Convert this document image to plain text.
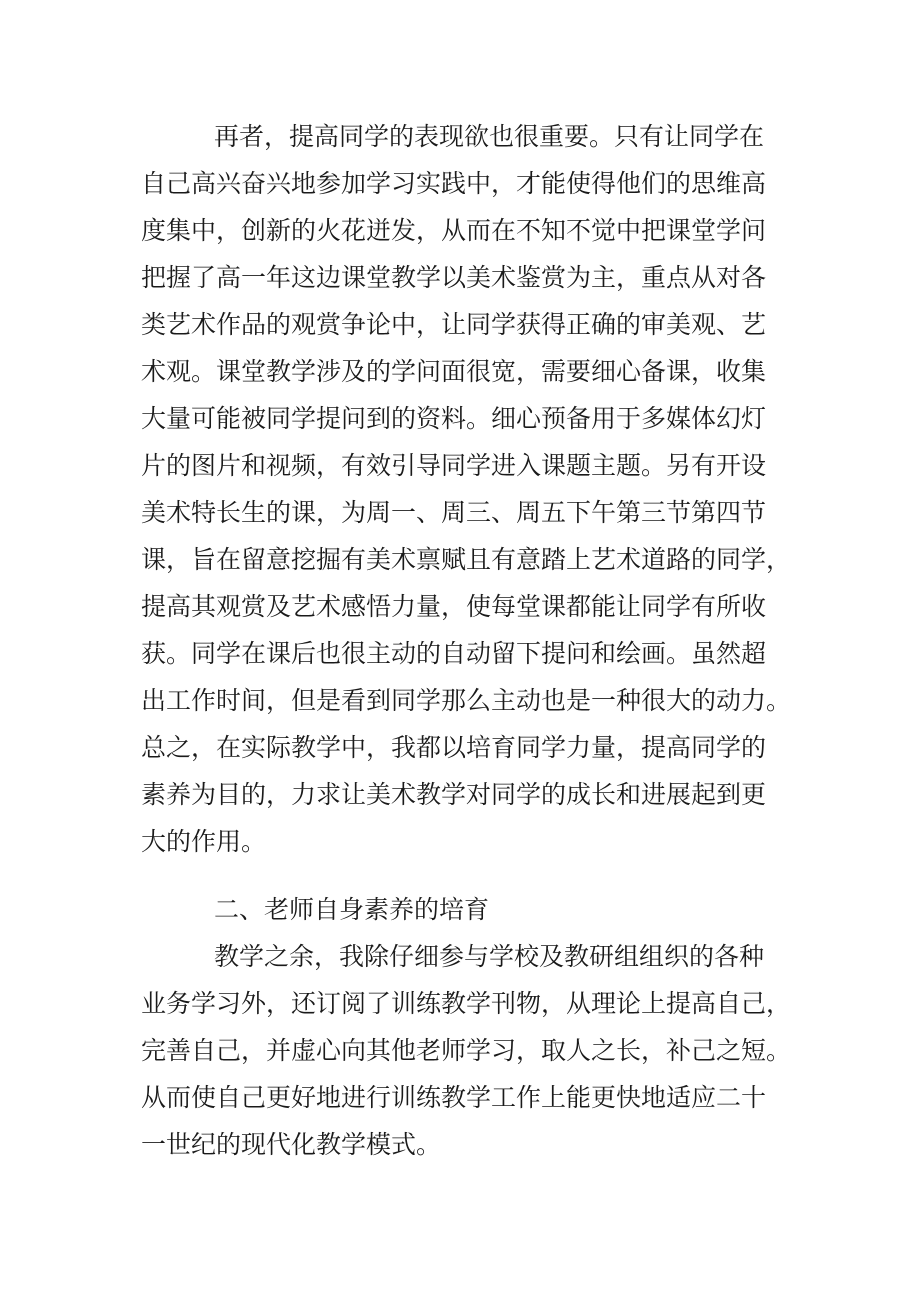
再者，提高同学的表现欲也很重要。只有让同学在
自己高兴奋兴地参加学习实践中，才能使得他们的思维高
度集中，创新的火花迸发，从而在不知不觉中把课堂学问
把握了高一年这边课堂教学以美术鉴赏为主，重点从对各
类艺术作品的观赏争论中，让同学获得正确的审美观、艺
术观。课堂教学涉及的学问面很宽，需要细心备课，收集
大量可能被同学提问到的资料。细心预备用于多媒体幻灯
片的图片和视频，有效引导同学进入课题主题。另有开设
美术特长生的课，为周一、周三、周五下午第三节第四节
课，旨在留意挖掘有美术禀赋且有意踏上艺术道路的同学，
提高其观赏及艺术感悟力量，使每堂课都能让同学有所收
获。同学在课后也很主动的自动留下提问和绘画。虽然超
出工作时间，但是看到同学那么主动也是一种很大的动力。
总之，在实际教学中，我都以培育同学力量，提高同学的
素养为目的，力求让美术教学对同学的成长和进展起到更
大的作用。
二、老师自身素养的培育
教学之余，我除仔细参与学校及教研组组织的各种
业务学习外，还订阅了训练教学刊物，从理论上提高自己，
完善自己，并虚心向其他老师学习，取人之长，补己之短。
从而使自己更好地进行训练教学工作上能更快地适应二十
一世纪的现代化教学模式。
